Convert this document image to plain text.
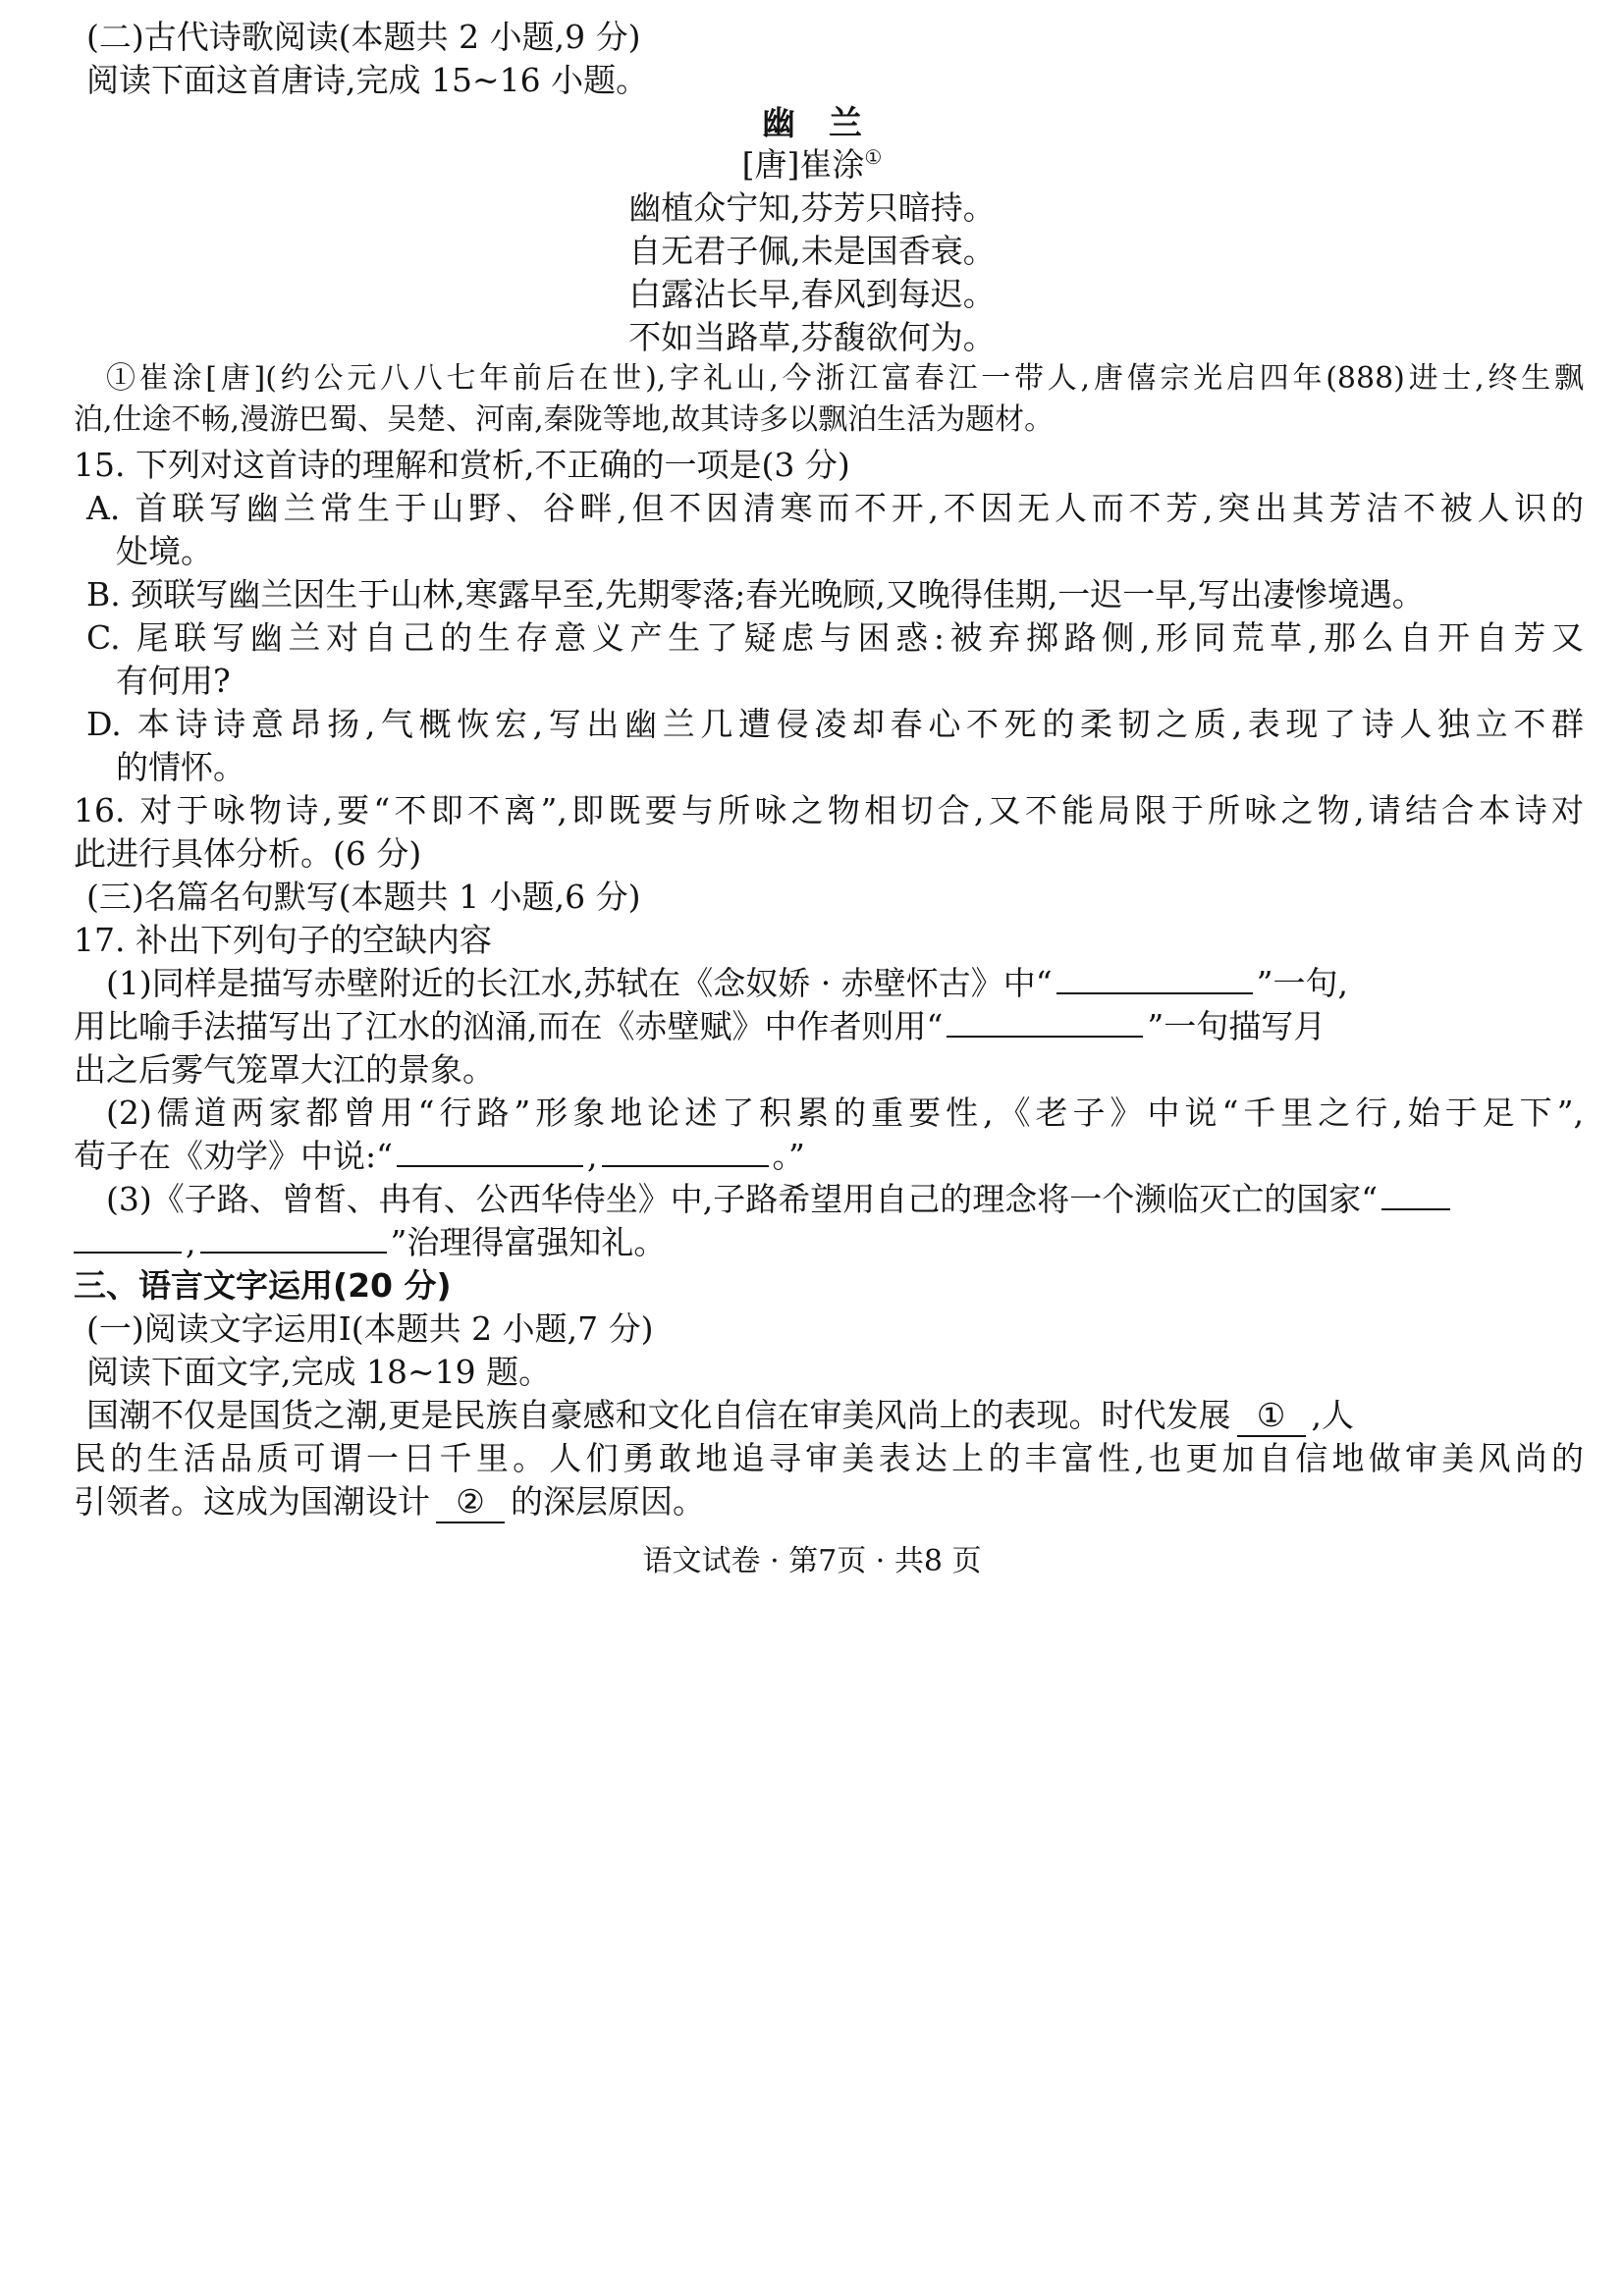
(二)古代诗歌阅读(本题共 2 小题,9 分)
阅读下面这首唐诗,完成 15~16 小题。
幽　兰
[唐]崔涂①
幽植众宁知,芬芳只暗持。
自无君子佩,未是国香衰。
白露沾长早,春风到每迟。
不如当路草,芬馥欲何为。
①崔涂[唐](约公元八八七年前后在世),字礼山,今浙江富春江一带人,唐僖宗光启四年(888)进士,终生飘
泊,仕途不畅,漫游巴蜀、吴楚、河南,秦陇等地,故其诗多以飘泊生活为题材。
15. 下列对这首诗的理解和赏析,不正确的一项是(3 分)
A. 首联写幽兰常生于山野、谷畔,但不因清寒而不开,不因无人而不芳,突出其芳洁不被人识的
处境。
B. 颈联写幽兰因生于山林,寒露早至,先期零落;春光晚顾,又晚得佳期,一迟一早,写出凄惨境遇。
C. 尾联写幽兰对自己的生存意义产生了疑虑与困惑:被弃掷路侧,形同荒草,那么自开自芳又
有何用?
D. 本诗诗意昂扬,气概恢宏,写出幽兰几遭侵凌却春心不死的柔韧之质,表现了诗人独立不群
的情怀。
16. 对于咏物诗,要“不即不离”,即既要与所咏之物相切合,又不能局限于所咏之物,请结合本诗对
此进行具体分析。(6 分)
(三)名篇名句默写(本题共 1 小题,6 分)
17. 补出下列句子的空缺内容
(1)同样是描写赤壁附近的长江水,苏轼在《念奴娇 · 赤壁怀古》中“	”一句,
用比喻手法描写出了江水的汹涌,而在《赤壁赋》中作者则用“	”一句描写月
出之后雾气笼罩大江的景象。
(2)儒道两家都曾用“行路”形象地论述了积累的重要性,《老子》中说“千里之行,始于足下”,
荀子在《劝学》中说:“	,	。”
(3)《子路、曾皙、冉有、公西华侍坐》中,子路希望用自己的理念将一个濒临灭亡的国家“
,	”治理得富强知礼。
三、语言文字运用(20 分)
(一)阅读文字运用Ⅰ(本题共 2 小题,7 分)
阅读下面文字,完成 18~19 题。
国潮不仅是国货之潮,更是民族自豪感和文化自信在审美风尚上的表现。时代发展 ① ,人
民的生活品质可谓一日千里。人们勇敢地追寻审美表达上的丰富性,也更加自信地做审美风尚的
引领者。这成为国潮设计 ② 的深层原因。
语文试卷 · 第7页 · 共8 页
